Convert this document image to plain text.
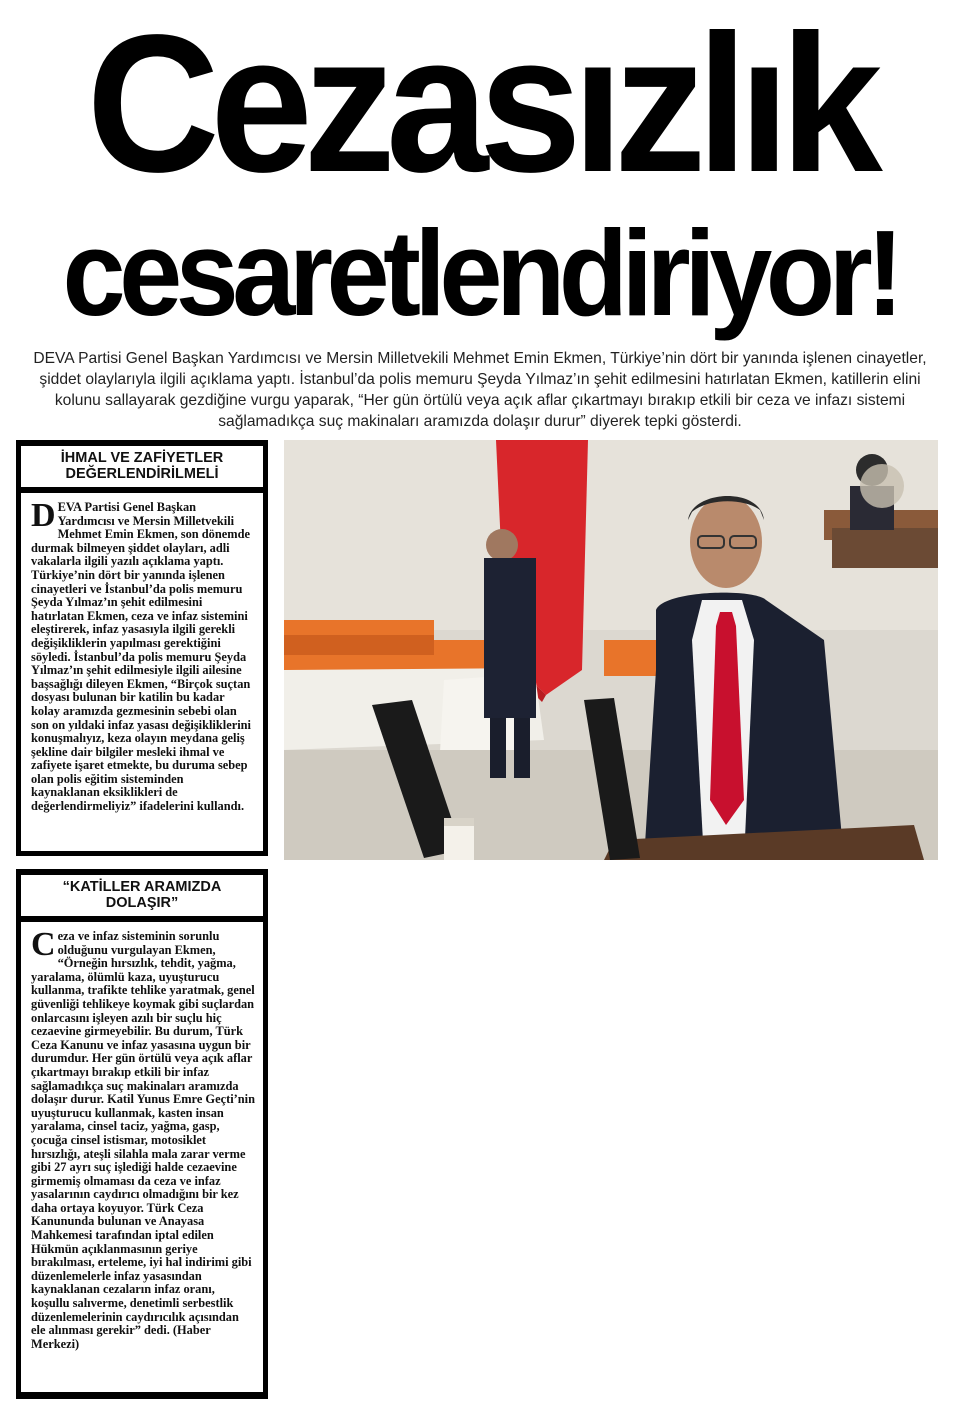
Cezasızlık
cesaretlendiriyor!
DEVA Partisi Genel Başkan Yardımcısı ve Mersin Milletvekili Mehmet Emin Ekmen, Türkiye’nin dört bir yanında işlenen cinayetler, şiddet olaylarıyla ilgili açıklama yaptı. İstanbul’da polis memuru Şeyda Yılmaz’ın şehit edilmesini hatırlatan Ekmen, katillerin elini kolunu sallayarak gezdiğine vurgu yaparak, “Her gün örtülü veya açık aflar çıkartmayı bırakıp etkili bir ceza ve infazı sistemi sağlamadıkça suç makinaları aramızda dolaşır durur” diyerek tepki gösterdi.
İHMAL VE ZAFİYETLER DEĞERLENDİRİLMELİ
DEVA Partisi Genel Başkan Yardımcısı ve Mersin Milletvekili Mehmet Emin Ekmen, son dönemde durmak bilmeyen şiddet olayları, adli vakalarla ilgili yazılı açıklama yaptı. Türkiye’nin dört bir yanında işlenen cinayetleri ve İstanbul’da polis memuru Şeyda Yılmaz’ın şehit edilmesini hatırlatan Ekmen, ceza ve infaz sistemini eleştirerek, infaz yasasıyla ilgili gerekli değişikliklerin yapılması gerektiğini söyledi. İstanbul’da polis memuru Şeyda Yılmaz’ın şehit edilmesiyle ilgili ailesine başsağlığı dileyen Ekmen, “Birçok suçtan dosyası bulunan bir katilin bu kadar kolay aramızda gezmesinin sebebi olan son on yıldaki infaz yasası değişikliklerini konuşmalıyız, keza olayın meydana geliş şekline dair bilgiler mesleki ihmal ve zafiyete işaret etmekte, bu duruma sebep olan polis eğitim sisteminden kaynaklanan eksiklikleri de değerlendirmeliyiz” ifadelerini kullandı.
“KATİLLER ARAMIZDA DOLAŞIR”
Ceza ve infaz sisteminin sorunlu olduğunu vurgulayan Ekmen, “Örneğin hırsızlık, tehdit, yağma, yaralama, ölümlü kaza, uyuşturucu kullanma, trafikte tehlike yaratmak, genel güvenliği tehlikeye koymak gibi suçlardan onlarcasını işleyen azılı bir suçlu hiç cezaevine girmeyebilir. Bu durum, Türk Ceza Kanunu ve infaz yasasına uygun bir durumdur. Her gün örtülü veya açık aflar çıkartmayı bırakıp etkili bir infaz sağlamadıkça suç makinaları aramızda dolaşır durur. Katil Yunus Emre Geçti’nin uyuşturucu kullanmak, kasten insan yaralama, cinsel taciz, yağma, gasp, çocuğa cinsel istismar, motosiklet hırsızlığı, ateşli silahla mala zarar verme gibi 27 ayrı suç işlediği halde cezaevine girmemiş olmaması da ceza ve infaz yasalarının caydırıcı olmadığını bir kez daha ortaya koyuyor. Türk Ceza Kanununda bulunan ve Anayasa Mahkemesi tarafından iptal edilen Hükmün açıklanmasının geriye bırakılması, erteleme, iyi hal indirimi gibi düzenlemelerle infaz yasasından kaynaklanan cezaların infaz oranı, koşullu salıverme, denetimli serbestlik düzenlemelerinin caydırıcılık açısından ele alınması gerekir” dedi. (Haber Merkezi)
